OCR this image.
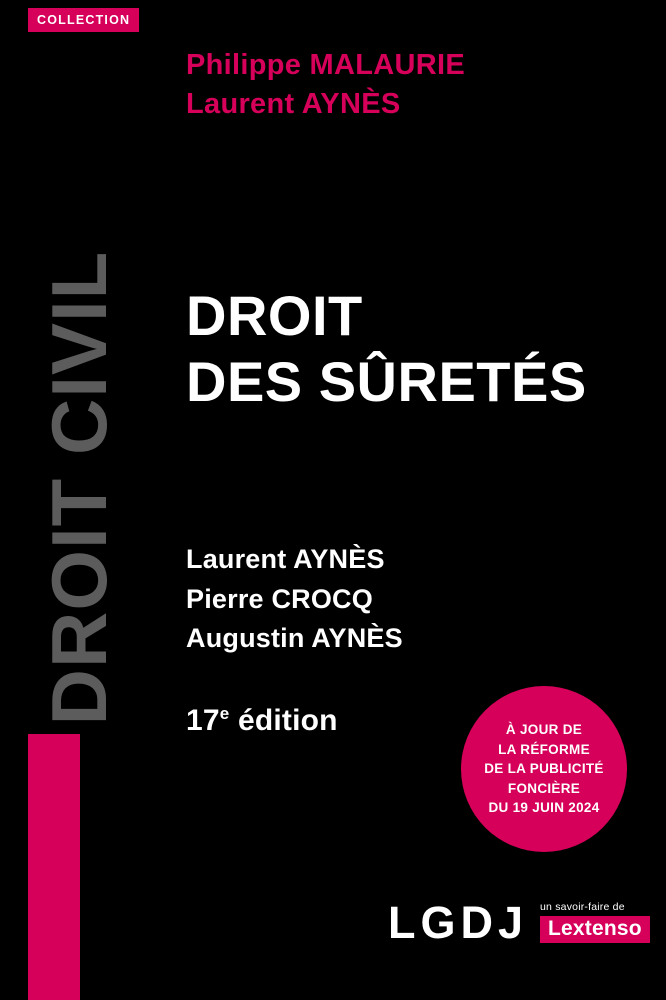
COLLECTION
DROIT CIVIL
Philippe MALAURIE
Laurent AYNÈS
DROIT
DES SÛRETÉS
Laurent AYNÈS
Pierre CROCQ
Augustin AYNÈS
17e édition	À JOUR DE
LA RÉFORME
DE LA PUBLICITÉ
FONCIÈRE
DU 19 JUIN 2024
LGDJ un savoir-faire de
Lextenso
